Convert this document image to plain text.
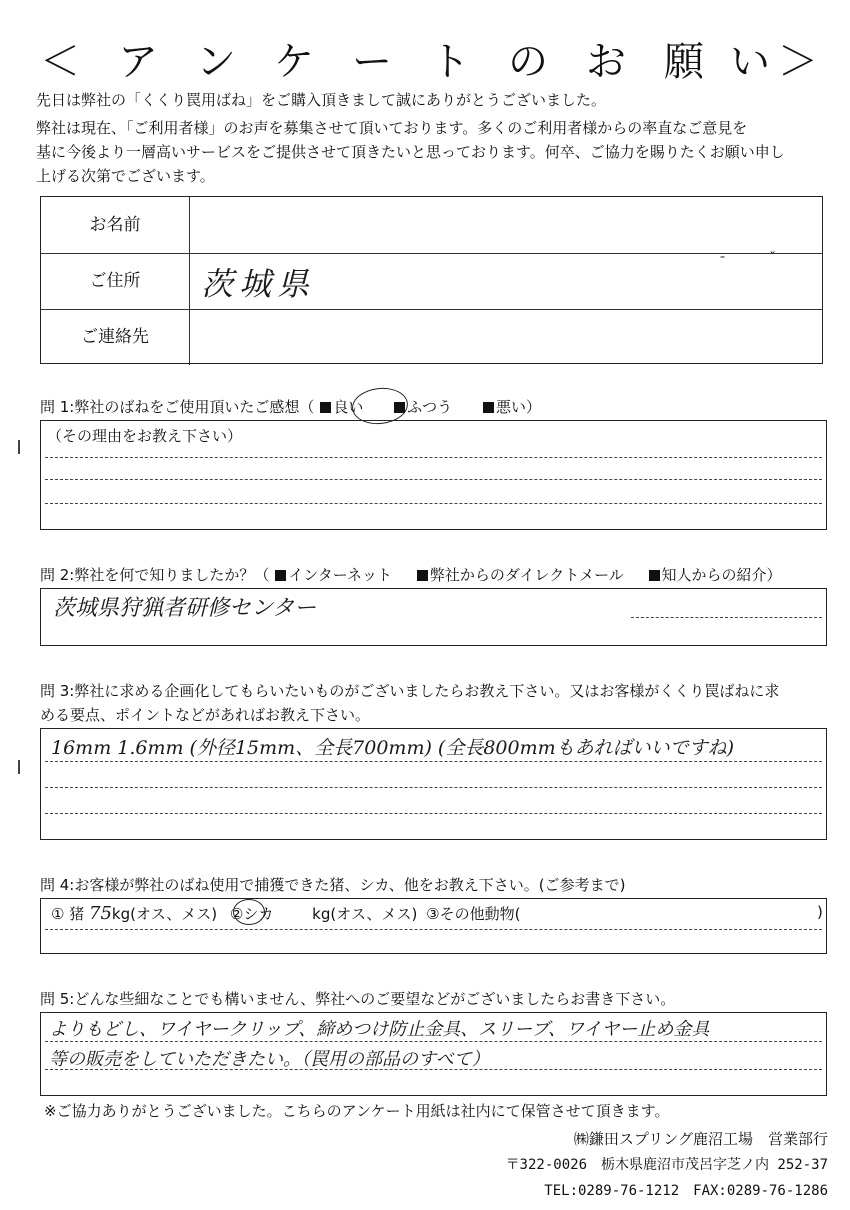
＜ ア ン ケ ー ト の お 願 い ＞
先日は弊社の「くくり罠用ばね」をご購入頂きまして誠にありがとうございました。
弊社は現在、「ご利用者様」のお声を募集させて頂いております。多くのご利用者様からの率直なご意見を
基に今後より一層高いサービスをご提供させて頂きたいと思っております。何卒、ご協力を賜りたくお願い申し
上げる次第でございます。
お名前
ご住所	茨城県
ˉ	ˇ
ご連絡先
問 1:弊社のばねをご使用頂いたご感想（ 良い	ふつう	悪い）
（その理由をお教え下さい）
問 2:弊社を何で知りましたか？（ インターネット	弊社からのダイレクトメール	知人からの紹介）
茨城県狩猟者研修センター
問 3:弊社に求める企画化してもらいたいものがございましたらお教え下さい。又はお客様がくくり罠ばねに求
める要点、ポイントなどがあればお教え下さい。
16mm 1.6mm (外径15mm、全長700mm) (全長800mmもあればいいですね)
問 4:お客様が弊社のばね使用で捕獲できた猪、シカ、他をお教え下さい。(ご参考まで)
① 猪 75kg(オス、メス) ②シカ	kg(オス、メス) ③その他動物(	)
問 5:どんな些細なことでも構いません、弊社へのご要望などがございましたらお書き下さい。
よりもどし、ワイヤークリップ、締めつけ防止金具、スリーブ、ワイヤー止め金具
等の販売をしていただきたい。（罠用の部品のすべて）
※ご協力ありがとうございました。こちらのアンケート用紙は社内にて保管させて頂きます。
㈱鎌田スプリング鹿沼工場　営業部行
〒322-0026　栃木県鹿沼市茂呂字芝ノ内 252-37
TEL:0289-76-1212　FAX:0289-76-1286
